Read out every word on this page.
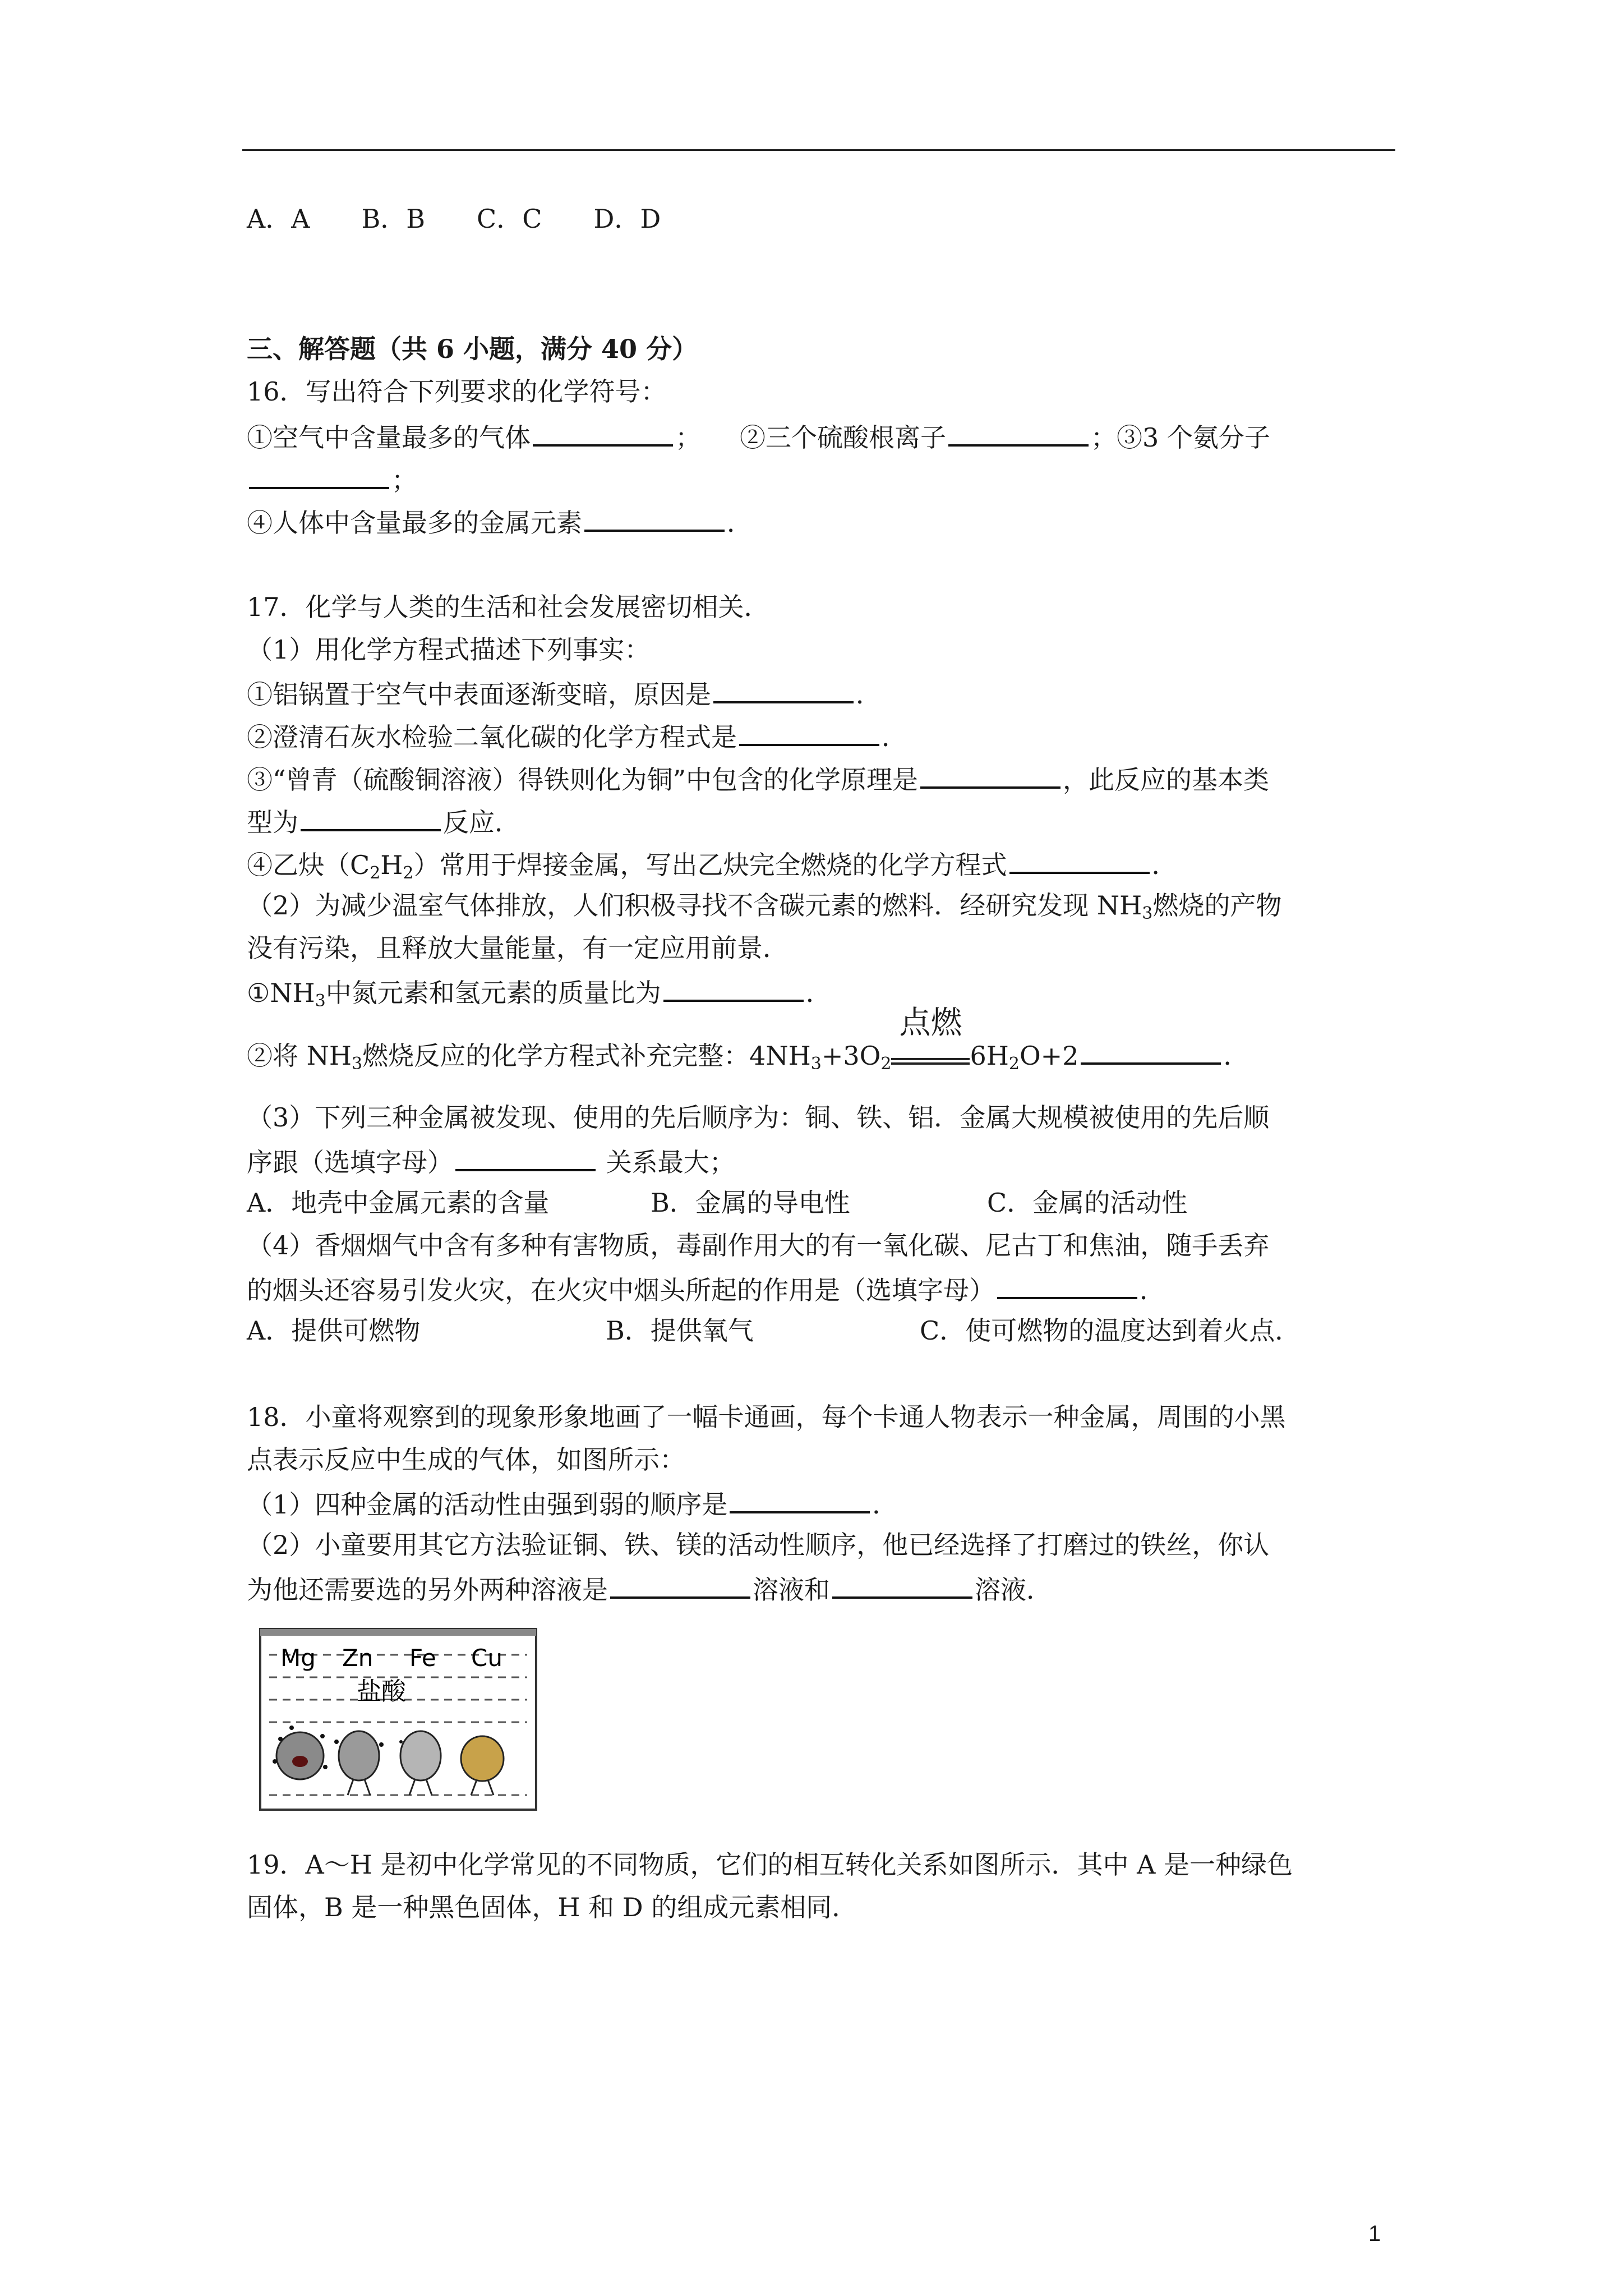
A．A　　B．B　　C．C　　D．D
三、解答题（共 6 小题，满分 40 分）
16．写出符合下列要求的化学符号：
①空气中含量最多的气体	；　　②三个硫酸根离子	；③3 个氨分子
；
④人体中含量最多的金属元素	．
17．化学与人类的生活和社会发展密切相关．
（1）用化学方程式描述下列事实：
①铝锅置于空气中表面逐渐变暗，原因是	．
②澄清石灰水检验二氧化碳的化学方程式是	．
③“曾青（硫酸铜溶液）得铁则化为铜”中包含的化学原理是	，此反应的基本类
型为	反应．
④乙炔$(C_2H_2)$常用于焊接金属，写出乙炔完全燃烧的化学方程式	．
（2）为减少温室气体排放，人们积极寻找不含碳元素的燃料．经研究发现 $NH_3$燃烧的产物
没有污染，且释放大量能量，有一定应用前景．
$①NH_3$中氮元素和氢元素的质量比为	．
②将 $NH_3$燃烧反应的化学方程式补充完整：$4NH_3+3O_2$
点燃
$6H_2O+2$	．
（3）下列三种金属被发现、使用的先后顺序为：铜、铁、铝．金属大规模被使用的先后顺
序跟（选填字母）	关系最大；
A．地壳中金属元素的含量	B．金属的导电性	C．金属的活动性
（4）香烟烟气中含有多种有害物质，毒副作用大的有一氧化碳、尼古丁和焦油，随手丢弃
的烟头还容易引发火灾，在火灾中烟头所起的作用是（选填字母）	．
A．提供可燃物	B．提供氧气	C．使可燃物的温度达到着火点．
18．小童将观察到的现象形象地画了一幅卡通画，每个卡通人物表示一种金属，周围的小黑
点表示反应中生成的气体，如图所示：
（1）四种金属的活动性由强到弱的顺序是	．
（2）小童要用其它方法验证铜、铁、镁的活动性顺序，他已经选择了打磨过的铁丝，你认
为他还需要选的另外两种溶液是	溶液和	溶液．
Mg Zn Fe Cu
盐酸
19．A～H 是初中化学常见的不同物质，它们的相互转化关系如图所示．其中 A 是一种绿色
固体，B 是一种黑色固体，H 和 D 的组成元素相同．
1
